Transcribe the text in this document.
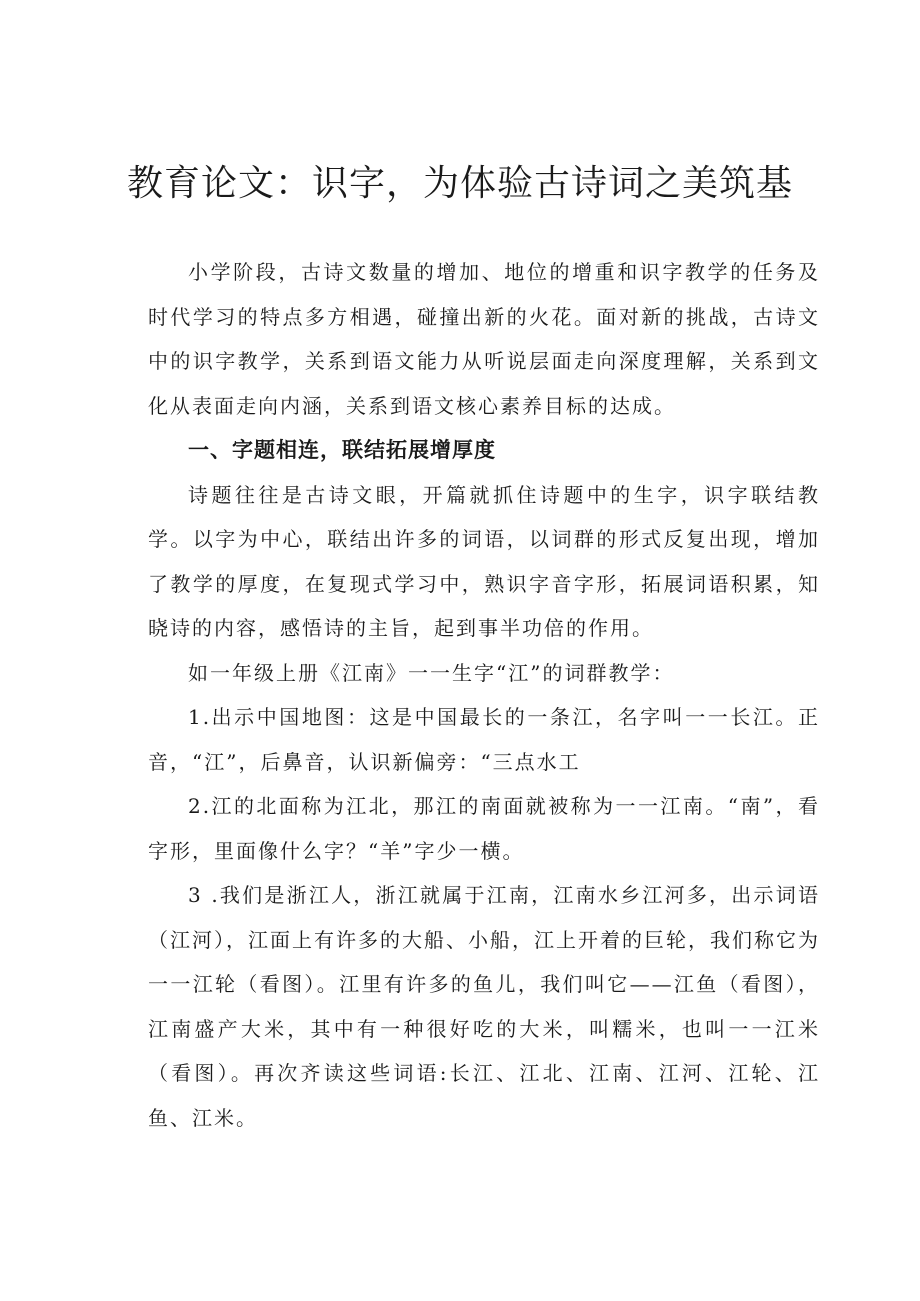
教育论文：识字，为体验古诗词之美筑基

小学阶段，古诗文数量的增加、地位的增重和识字教学的任务及时代学习的特点多方相遇，碰撞出新的火花。面对新的挑战，古诗文中的识字教学，关系到语文能力从听说层面走向深度理解，关系到文化从表面走向内涵，关系到语文核心素养目标的达成。

一、字题相连，联结拓展增厚度

诗题往往是古诗文眼，开篇就抓住诗题中的生字，识字联结教学。以字为中心，联结出许多的词语，以词群的形式反复出现，增加了教学的厚度，在复现式学习中，熟识字音字形，拓展词语积累，知晓诗的内容，感悟诗的主旨，起到事半功倍的作用。

如一年级上册《江南》一一生字“江”的词群教学：

1.出示中国地图：这是中国最长的一条江，名字叫一一长江。正音，“江”，后鼻音，认识新偏旁：“三点水工

2.江的北面称为江北，那江的南面就被称为一一江南。“南”，看字形，里面像什么字？“羊”字少一横。

3 .我们是浙江人，浙江就属于江南，江南水乡江河多，出示词语（江河），江面上有许多的大船、小船，江上开着的巨轮，我们称它为一一江轮（看图）。江里有许多的鱼儿，我们叫它——江鱼（看图），江南盛产大米，其中有一种很好吃的大米，叫糯米，也叫一一江米（看图）。再次齐读这些词语:长江、江北、江南、江河、江轮、江鱼、江米。
